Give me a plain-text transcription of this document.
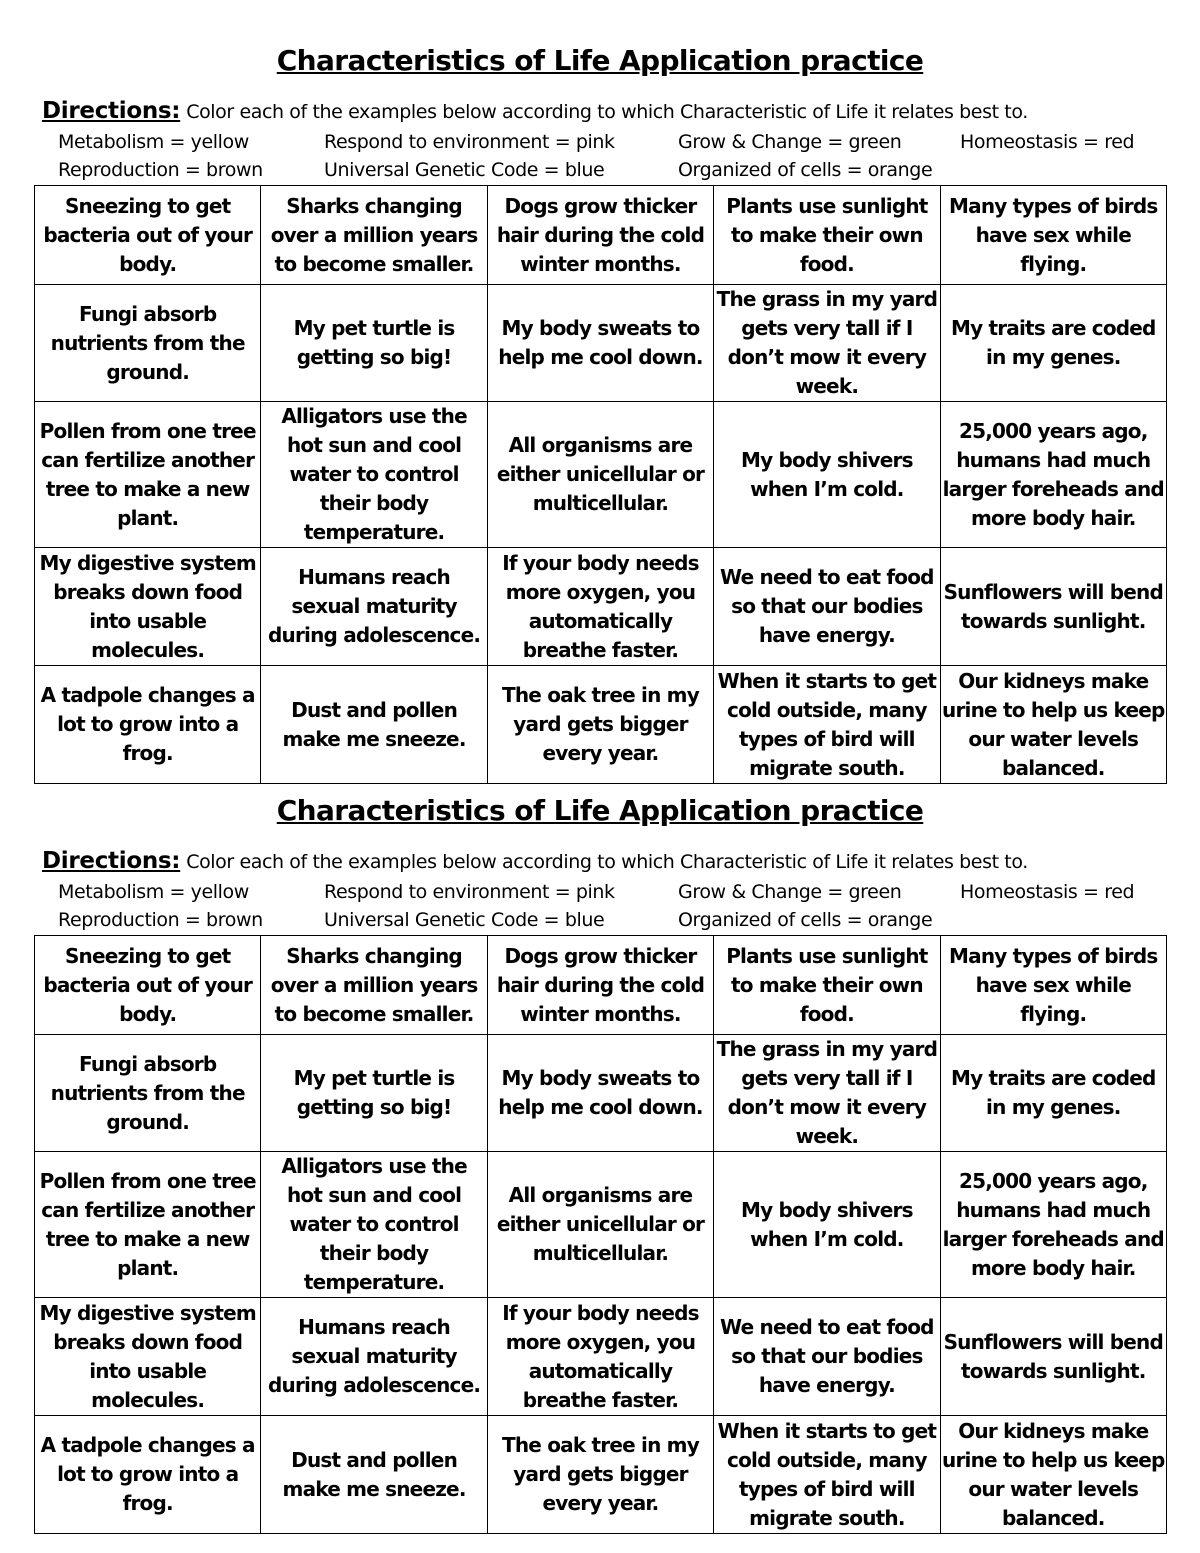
Characteristics of Life Application practice
Directions: Color each of the examples below according to which Characteristic of Life it relates best to.
Metabolism = yellow	Respond to environment = pink	Grow & Change = green	Homeostasis = red
Reproduction = brown	Universal Genetic Code = blue	Organized of cells = orange
Sneezing to get bacteria out of your body.	Sharks changing over a million years to become smaller.	Dogs grow thicker hair during the cold winter months.	Plants use sunlight to make their own food.	Many types of birds have sex while flying.
Fungi absorb nutrients from the ground.	My pet turtle is getting so big!	My body sweats to help me cool down.	The grass in my yard gets very tall if I don’t mow it every week.	My traits are coded in my genes.
Pollen from one tree can fertilize another tree to make a new plant.	Alligators use the hot sun and cool water to control their body temperature.	All organisms are either unicellular or multicellular.	My body shivers when I’m cold.	25,000 years ago, humans had much larger foreheads and more body hair.
My digestive system breaks down food into usable molecules.	Humans reach sexual maturity during adolescence.	If your body needs more oxygen, you automatically breathe faster.	We need to eat food so that our bodies have energy.	Sunflowers will bend towards sunlight.
A tadpole changes a lot to grow into a frog.	Dust and pollen make me sneeze.	The oak tree in my yard gets bigger every year.	When it starts to get cold outside, many types of bird will migrate south.	Our kidneys make urine to help us keep our water levels balanced.
Characteristics of Life Application practice
Directions: Color each of the examples below according to which Characteristic of Life it relates best to.
Metabolism = yellow	Respond to environment = pink	Grow & Change = green	Homeostasis = red
Reproduction = brown	Universal Genetic Code = blue	Organized of cells = orange
Sneezing to get bacteria out of your body.	Sharks changing over a million years to become smaller.	Dogs grow thicker hair during the cold winter months.	Plants use sunlight to make their own food.	Many types of birds have sex while flying.
Fungi absorb nutrients from the ground.	My pet turtle is getting so big!	My body sweats to help me cool down.	The grass in my yard gets very tall if I don’t mow it every week.	My traits are coded in my genes.
Pollen from one tree can fertilize another tree to make a new plant.	Alligators use the hot sun and cool water to control their body temperature.	All organisms are either unicellular or multicellular.	My body shivers when I’m cold.	25,000 years ago, humans had much larger foreheads and more body hair.
My digestive system breaks down food into usable molecules.	Humans reach sexual maturity during adolescence.	If your body needs more oxygen, you automatically breathe faster.	We need to eat food so that our bodies have energy.	Sunflowers will bend towards sunlight.
A tadpole changes a lot to grow into a frog.	Dust and pollen make me sneeze.	The oak tree in my yard gets bigger every year.	When it starts to get cold outside, many types of bird will migrate south.	Our kidneys make urine to help us keep our water levels balanced.
